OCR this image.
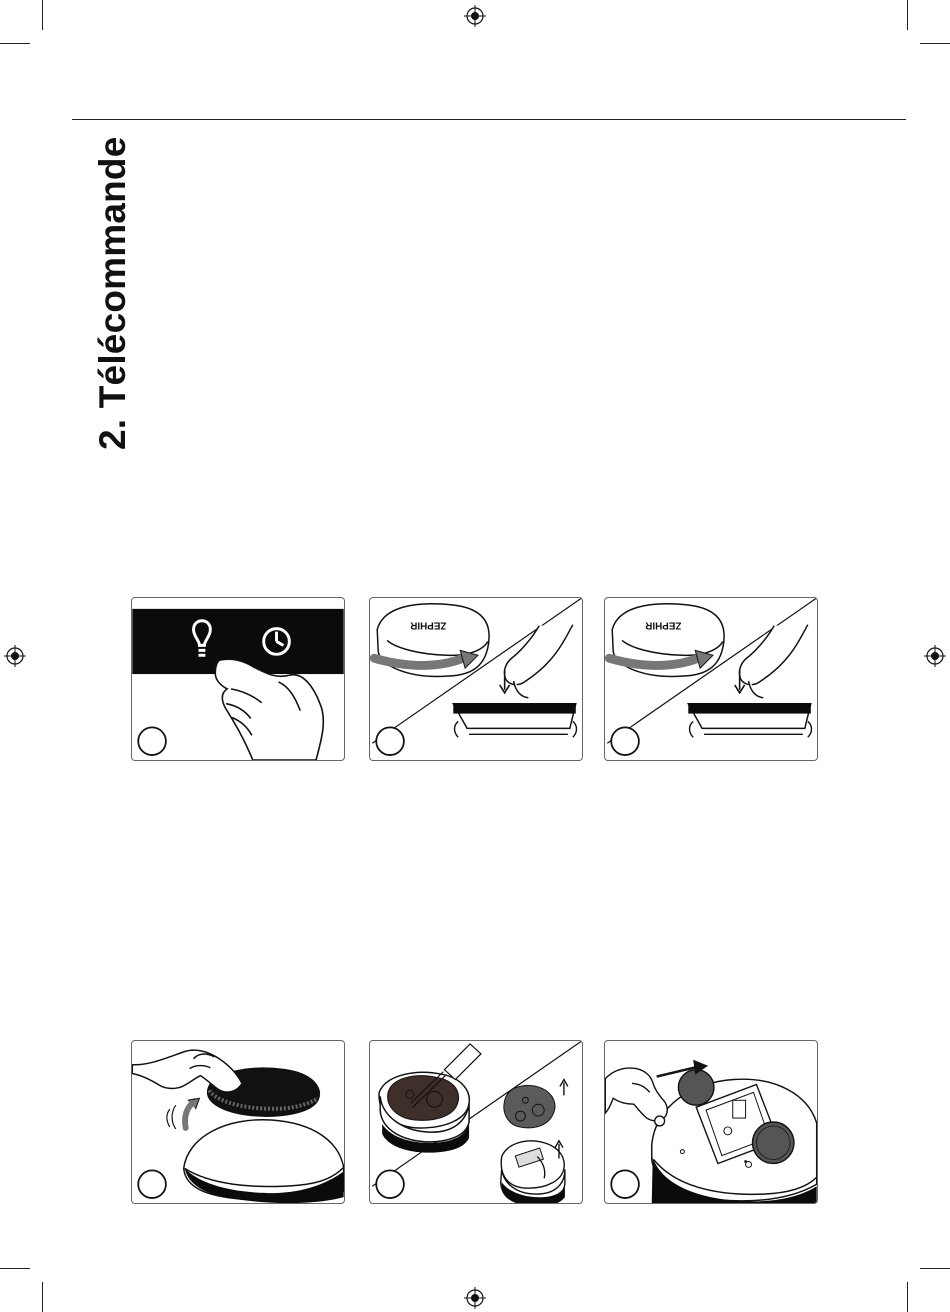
2. Télécommande
ZEPHIR	ZEPHIR
